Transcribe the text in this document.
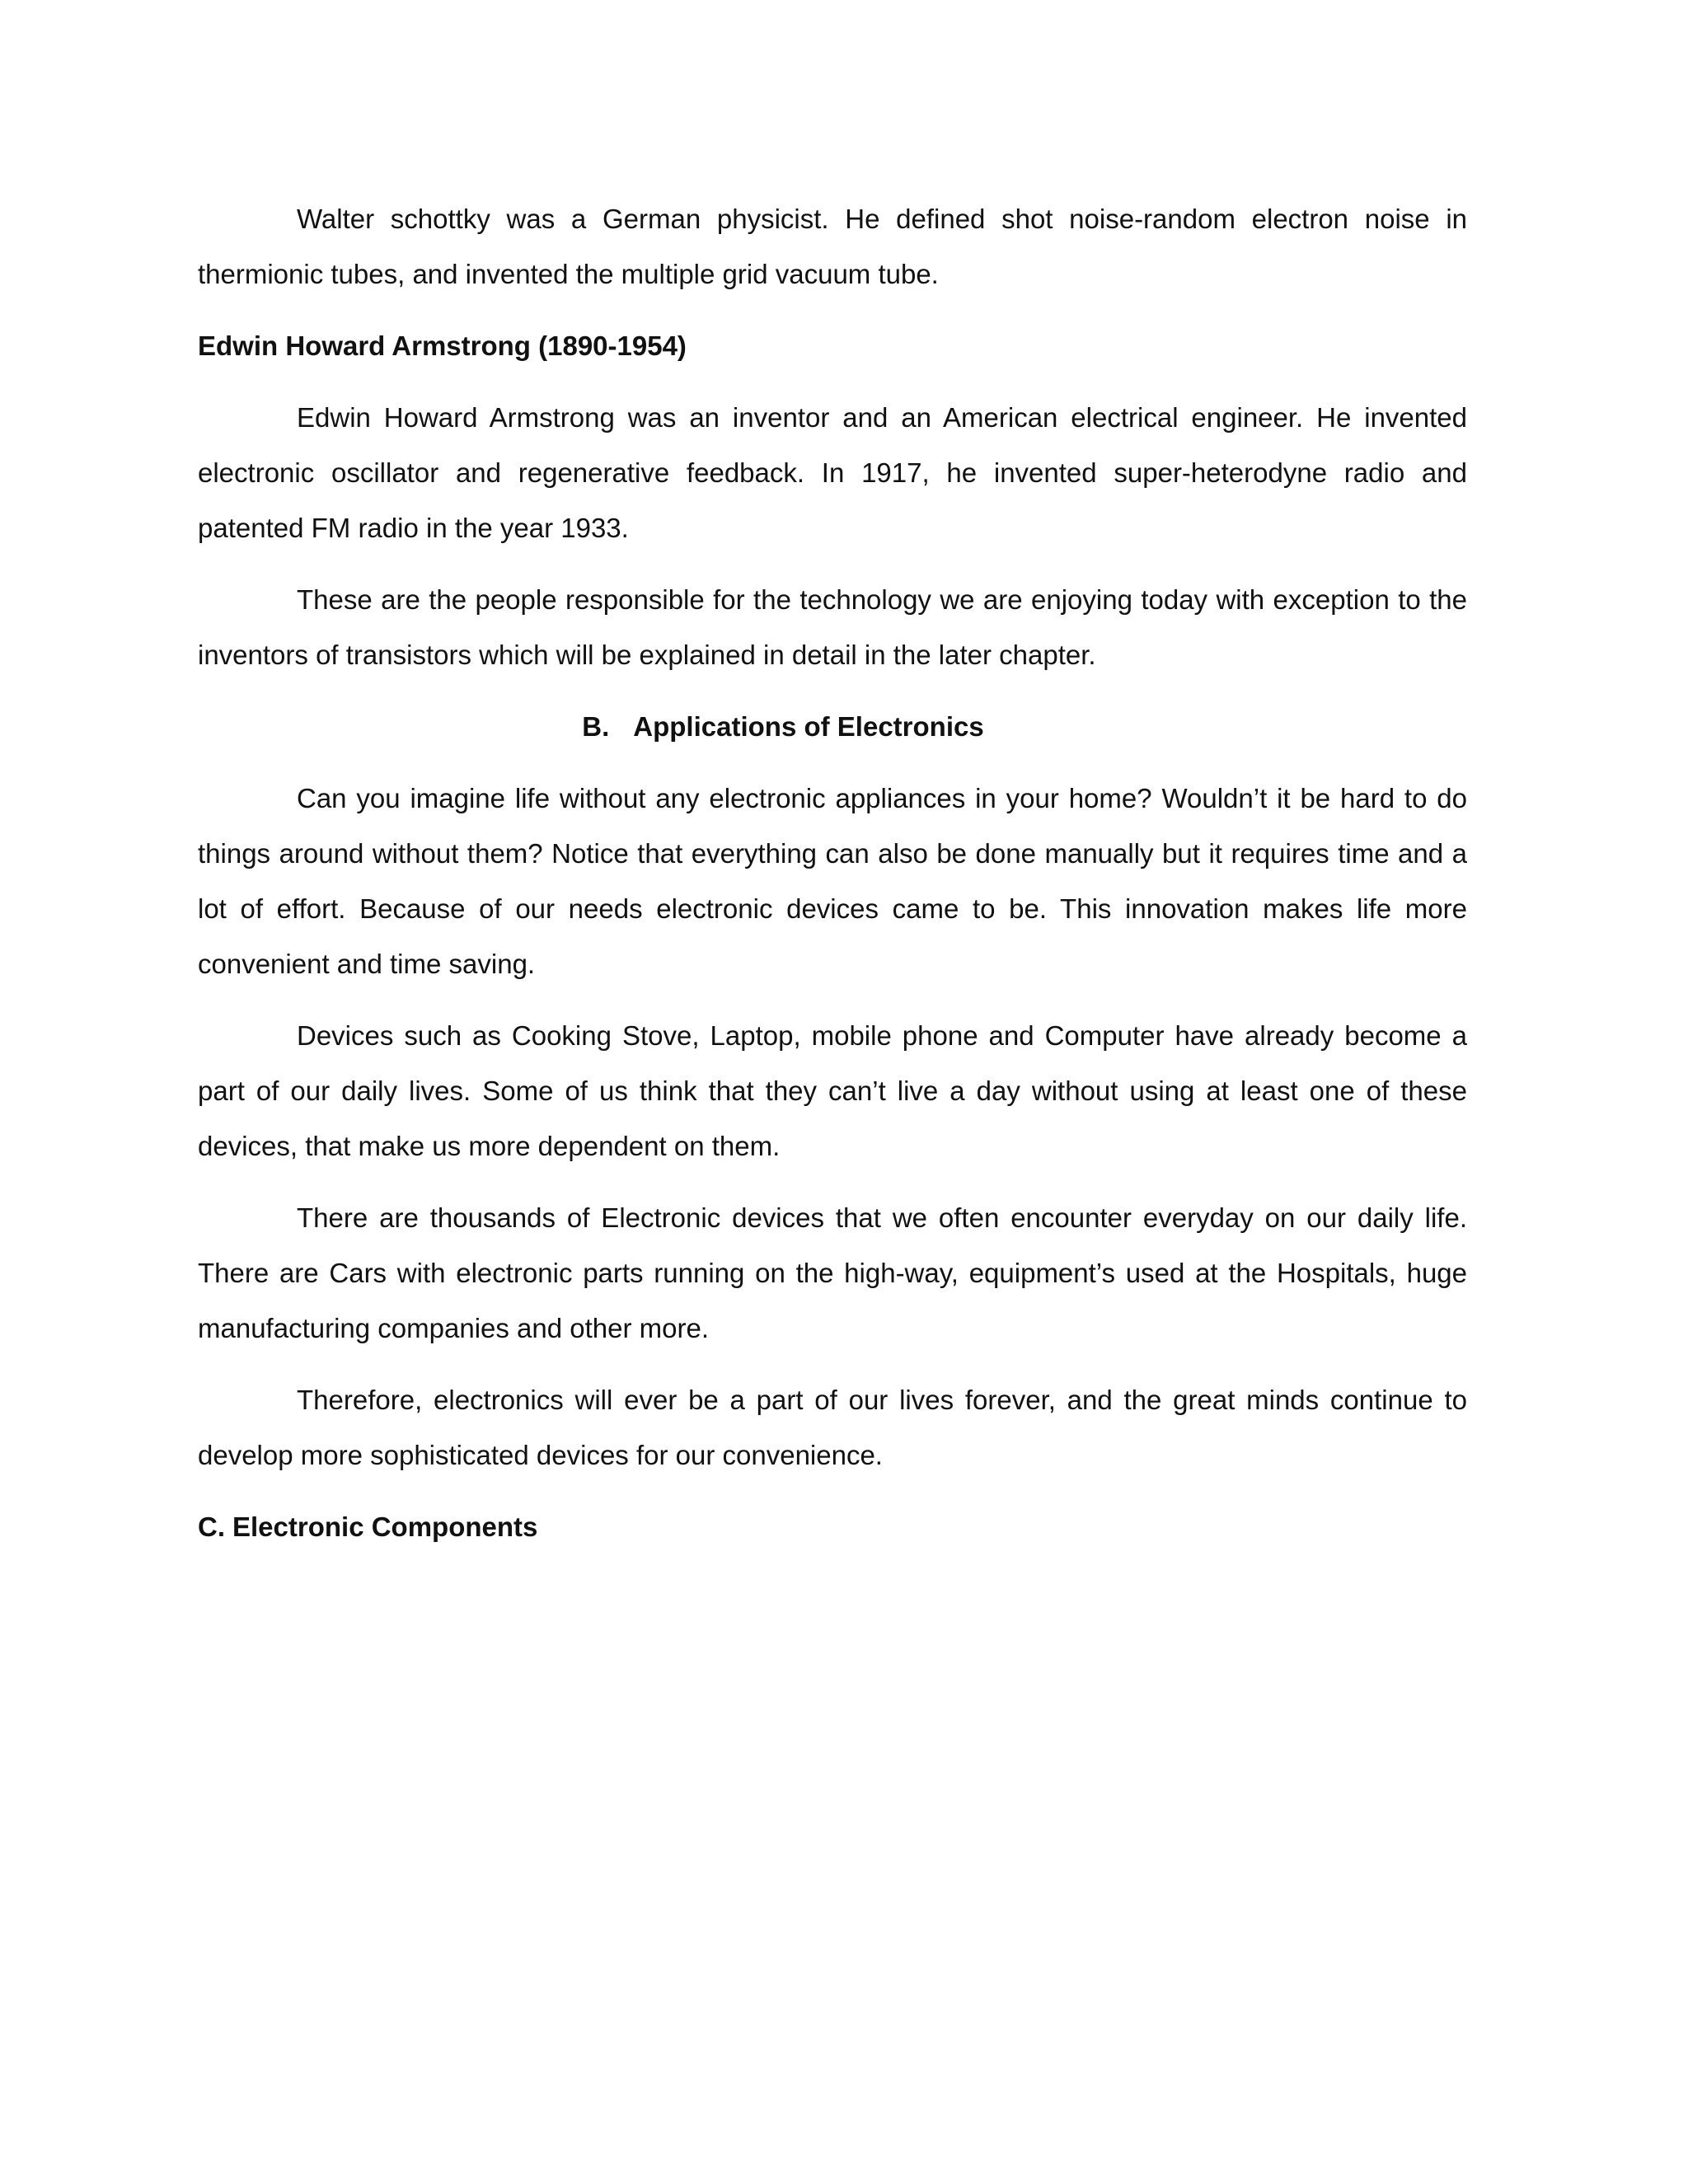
Walter schottky was a German physicist. He defined shot noise-random electron noise in thermionic tubes, and invented the multiple grid vacuum tube.

Edwin Howard Armstrong (1890-1954)

Edwin Howard Armstrong was an inventor and an American electrical engineer. He invented electronic oscillator and regenerative feedback. In 1917, he invented super-heterodyne radio and patented FM radio in the year 1933.

These are the people responsible for the technology we are enjoying today with exception to the inventors of transistors which will be explained in detail in the later chapter.

B. Applications of Electronics

Can you imagine life without any electronic appliances in your home? Wouldn’t it be hard to do things around without them? Notice that everything can also be done manually but it requires time and a lot of effort. Because of our needs electronic devices came to be. This innovation makes life more convenient and time saving.

Devices such as Cooking Stove, Laptop, mobile phone and Computer have already become a part of our daily lives. Some of us think that they can’t live a day without using at least one of these devices, that make us more dependent on them.

There are thousands of Electronic devices that we often encounter everyday on our daily life. There are Cars with electronic parts running on the high-way, equipment’s used at the Hospitals, huge manufacturing companies and other more.

Therefore, electronics will ever be a part of our lives forever, and the great minds continue to develop more sophisticated devices for our convenience.

C. Electronic Components
